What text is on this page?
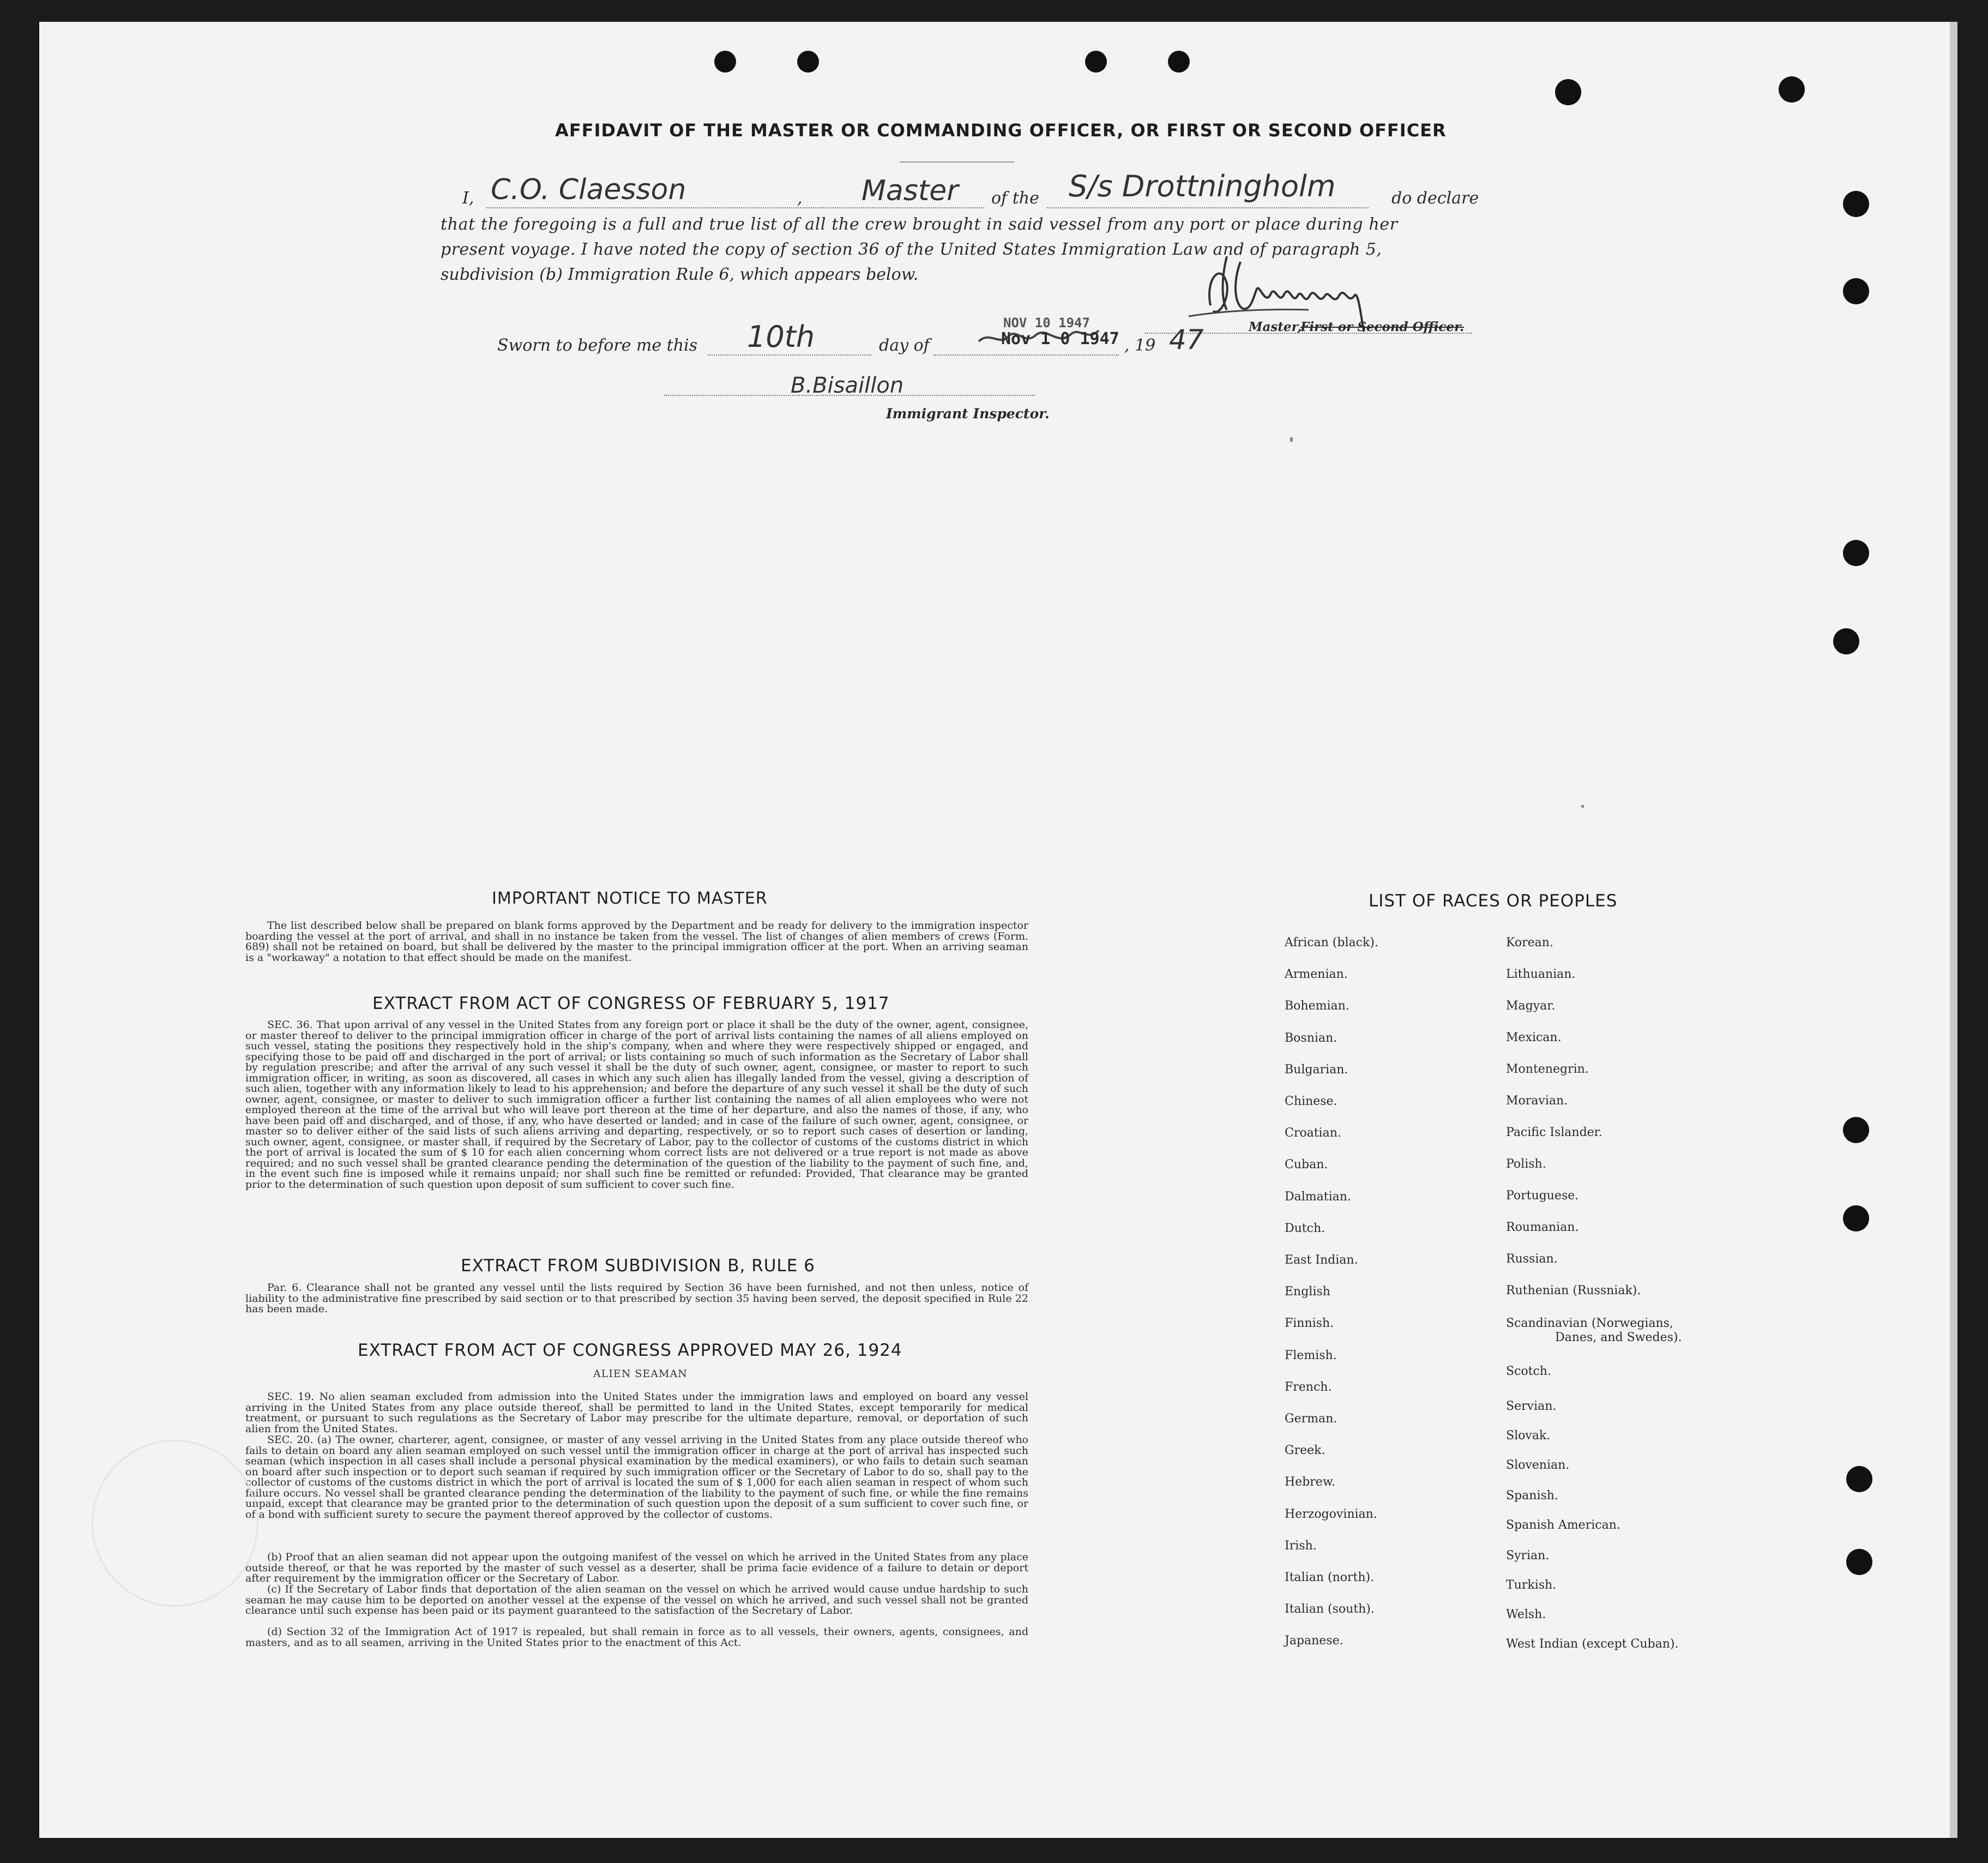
AFFIDAVIT OF THE MASTER OR COMMANDING OFFICER, OR FIRST OR SECOND OFFICER
I, C.O. Claesson	, Master of the S/s Drottningholm	do declare
that the foregoing is a full and true list of all the crew brought in said vessel from any port or place during her
present voyage. I have noted the copy of section 36 of the United States Immigration Law and of paragraph 5,
subdivision (b) Immigration Rule 6, which appears below.
Master,
First or Second Officer.
Sworn to before me this 10th	day of
NOV 10 1947
Nov 1 0 1947 , 19 47
B.Bisaillon
Immigrant Inspector.
IMPORTANT NOTICE TO MASTER
The list described below shall be prepared on blank forms approved by the Department and be ready for delivery to the immigration inspector boarding the vessel at the port of arrival, and shall in no instance be taken from the vessel. The list of changes of alien members of crews (Form. 689) shall not be retained on board, but shall be delivered by the master to the principal immigration officer at the port. When an arriving seaman is a "workaway" a notation to that effect should be made on the manifest.
EXTRACT FROM ACT OF CONGRESS OF FEBRUARY 5, 1917
SEC. 36. That upon arrival of any vessel in the United States from any foreign port or place it shall be the duty of the owner, agent, consignee, or master thereof to deliver to the principal immigration officer in charge of the port of arrival lists containing the names of all aliens employed on such vessel, stating the positions they respectively hold in the ship's company, when and where they were respectively shipped or engaged, and specifying those to be paid off and discharged in the port of arrival; or lists containing so much of such information as the Secretary of Labor shall by regulation prescribe; and after the arrival of any such vessel it shall be the duty of such owner, agent, consignee, or master to report to such immigration officer, in writing, as soon as discovered, all cases in which any such alien has illegally landed from the vessel, giving a description of such alien, together with any information likely to lead to his apprehension; and before the departure of any such vessel it shall be the duty of such owner, agent, consignee, or master to deliver to such immigration officer a further list containing the names of all alien employees who were not employed thereon at the time of the arrival but who will leave port thereon at the time of her departure, and also the names of those, if any, who have been paid off and discharged, and of those, if any, who have deserted or landed; and in case of the failure of such owner, agent, consignee, or master so to deliver either of the said lists of such aliens arriving and departing, respectively, or so to report such cases of desertion or landing, such owner, agent, consignee, or master shall, if required by the Secretary of Labor, pay to the collector of customs of the customs district in which the port of arrival is located the sum of $ 10 for each alien concerning whom correct lists are not delivered or a true report is not made as above required; and no such vessel shall be granted clearance pending the determination of the question of the liability to the payment of such fine, and, in the event such fine is imposed while it remains unpaid; nor shall such fine be remitted or refunded: Provided, That clearance may be granted prior to the determination of such question upon deposit of sum sufficient to cover such fine.
EXTRACT FROM SUBDIVISION B, RULE 6
Par. 6. Clearance shall not be granted any vessel until the lists required by Section 36 have been furnished, and not then unless, notice of liability to the administrative fine prescribed by said section or to that prescribed by section 35 having been served, the deposit specified in Rule 22 has been made.
EXTRACT FROM ACT OF CONGRESS APPROVED MAY 26, 1924
ALIEN SEAMAN
SEC. 19. No alien seaman excluded from admission into the United States under the immigration laws and employed on board any vessel arriving in the United States from any place outside thereof, shall be permitted to land in the United States, except temporarily for medical treatment, or pursuant to such regulations as the Secretary of Labor may prescribe for the ultimate departure, removal, or deportation of such alien from the United States.
SEC. 20. (a) The owner, charterer, agent, consignee, or master of any vessel arriving in the United States from any place outside thereof who fails to detain on board any alien seaman employed on such vessel until the immigration officer in charge at the port of arrival has inspected such seaman (which inspection in all cases shall include a personal physical examination by the medical examiners), or who fails to detain such seaman on board after such inspection or to deport such seaman if required by such immigration officer or the Secretary of Labor to do so, shall pay to the collector of customs of the customs district in which the port of arrival is located the sum of $ 1,000 for each alien seaman in respect of whom such failure occurs. No vessel shall be granted clearance pending the determination of the liability to the payment of such fine, or while the fine remains unpaid, except that clearance may be granted prior to the determination of such question upon the deposit of a sum sufficient to cover such fine, or of a bond with sufficient surety to secure the payment thereof approved by the collector of customs.
(b) Proof that an alien seaman did not appear upon the outgoing manifest of the vessel on which he arrived in the United States from any place outside thereof, or that he was reported by the master of such vessel as a deserter, shall be prima facie evidence of a failure to detain or deport after requirement by the immigration officer or the Secretary of Labor.
(c) If the Secretary of Labor finds that deportation of the alien seaman on the vessel on which he arrived would cause undue hardship to such seaman he may cause him to be deported on another vessel at the expense of the vessel on which he arrived, and such vessel shall not be granted clearance until such expense has been paid or its payment guaranteed to the satisfaction of the Secretary of Labor.
(d) Section 32 of the Immigration Act of 1917 is repealed, but shall remain in force as to all vessels, their owners, agents, consignees, and masters, and as to all seamen, arriving in the United States prior to the enactment of this Act.
LIST OF RACES OR PEOPLES
African (black).
Armenian.
Bohemian.
Bosnian.
Bulgarian.
Chinese.
Croatian.
Cuban.
Dalmatian.
Dutch.
East Indian.
English
Finnish.
Flemish.
French.
German.
Greek.
Hebrew.
Herzogovinian.
Irish.
Italian (north).
Italian (south).
Japanese.
Korean.
Lithuanian.
Magyar.
Mexican.
Montenegrin.
Moravian.
Pacific Islander.
Polish.
Portuguese.
Roumanian.
Russian.
Ruthenian (Russniak).
Scandinavian (Norwegians,
Danes, and Swedes).
Scotch.
Servian.
Slovak.
Slovenian.
Spanish.
Spanish American.
Syrian.
Turkish.
Welsh.
West Indian (except Cuban).
